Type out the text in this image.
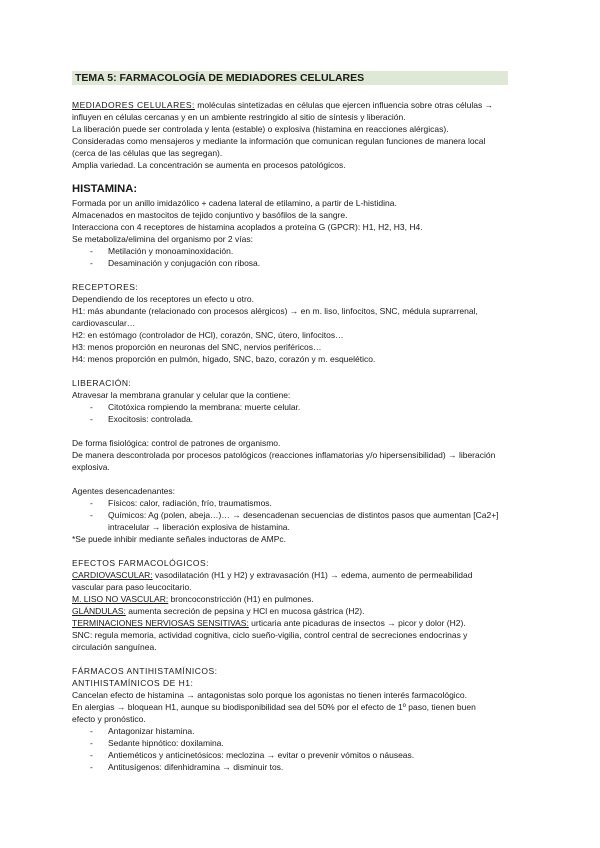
TEMA 5: FARMACOLOGÍA DE MEDIADORES CELULARES
MEDIADORES CELULARES: moléculas sintetizadas en células que ejercen influencia sobre otras células →
influyen en células cercanas y en un ambiente restringido al sitio de síntesis y liberación.
La liberación puede ser controlada y lenta (estable) o explosiva (histamina en reacciones alérgicas).
Consideradas como mensajeros y mediante la información que comunican regulan funciones de manera local
(cerca de las células que las segregan).
Amplia variedad. La concentración se aumenta en procesos patológicos.
HISTAMINA:
Formada por un anillo imidazólico + cadena lateral de etilamino, a partir de L-histidina.
Almacenados en mastocitos de tejido conjuntivo y basófilos de la sangre.
Interacciona con 4 receptores de histamina acoplados a proteína G (GPCR): H1, H2, H3, H4.
Se metaboliza/elimina del organismo por 2 vías:
- Metilación y monoaminoxidación.
- Desaminación y conjugación con ribosa.
RECEPTORES:
Dependiendo de los receptores un efecto u otro.
H1: más abundante (relacionado con procesos alérgicos) → en m. liso, linfocitos, SNC, médula suprarrenal,
cardiovascular…
H2: en estómago (controlador de HCl), corazón, SNC, útero, linfocitos…
H3: menos proporción en neuronas del SNC, nervios periféricos…
H4: menos proporción en pulmón, hígado, SNC, bazo, corazón y m. esquelético.
LIBERACIÓN:
Atravesar la membrana granular y celular que la contiene:
- Citotóxica rompiendo la membrana: muerte celular.
- Exocitosis: controlada.
De forma fisiológica: control de patrones de organismo.
De manera descontrolada por procesos patológicos (reacciones inflamatorias y/o hipersensibilidad) → liberación
explosiva.
Agentes desencadenantes:
- Físicos: calor, radiación, frío, traumatismos.
- Químicos: Ag (polen, abeja…)… → desencadenan secuencias de distintos pasos que aumentan [Ca2+]
intracelular → liberación explosiva de histamina.
*Se puede inhibir mediante señales inductoras de AMPc.
EFECTOS FARMACOLÓGICOS:
CARDIOVASCULAR: vasodilatación (H1 y H2) y extravasación (H1) → edema, aumento de permeabilidad
vascular para paso leucocitario.
M. LISO NO VASCULAR: broncoconstricción (H1) en pulmones.
GLÁNDULAS: aumenta secreción de pepsina y HCl en mucosa gástrica (H2).
TERMINACIONES NERVIOSAS SENSITIVAS: urticaria ante picaduras de insectos → picor y dolor (H2).
SNC: regula memoria, actividad cognitiva, ciclo sueño-vigilia, control central de secreciones endocrinas y
circulación sanguínea.
FÁRMACOS ANTIHISTAMÍNICOS:
ANTIHISTAMÍNICOS DE H1:
Cancelan efecto de histamina → antagonistas solo porque los agonistas no tienen interés farmacológico.
En alergias → bloquean H1, aunque su biodisponibilidad sea del 50% por el efecto de 1º paso, tienen buen
efecto y pronóstico.
- Antagonizar histamina.
- Sedante hipnótico: doxilamina.
- Antieméticos y anticinetósicos: meclozina → evitar o prevenir vómitos o náuseas.
- Antitusígenos: difenhidramina → disminuir tos.
